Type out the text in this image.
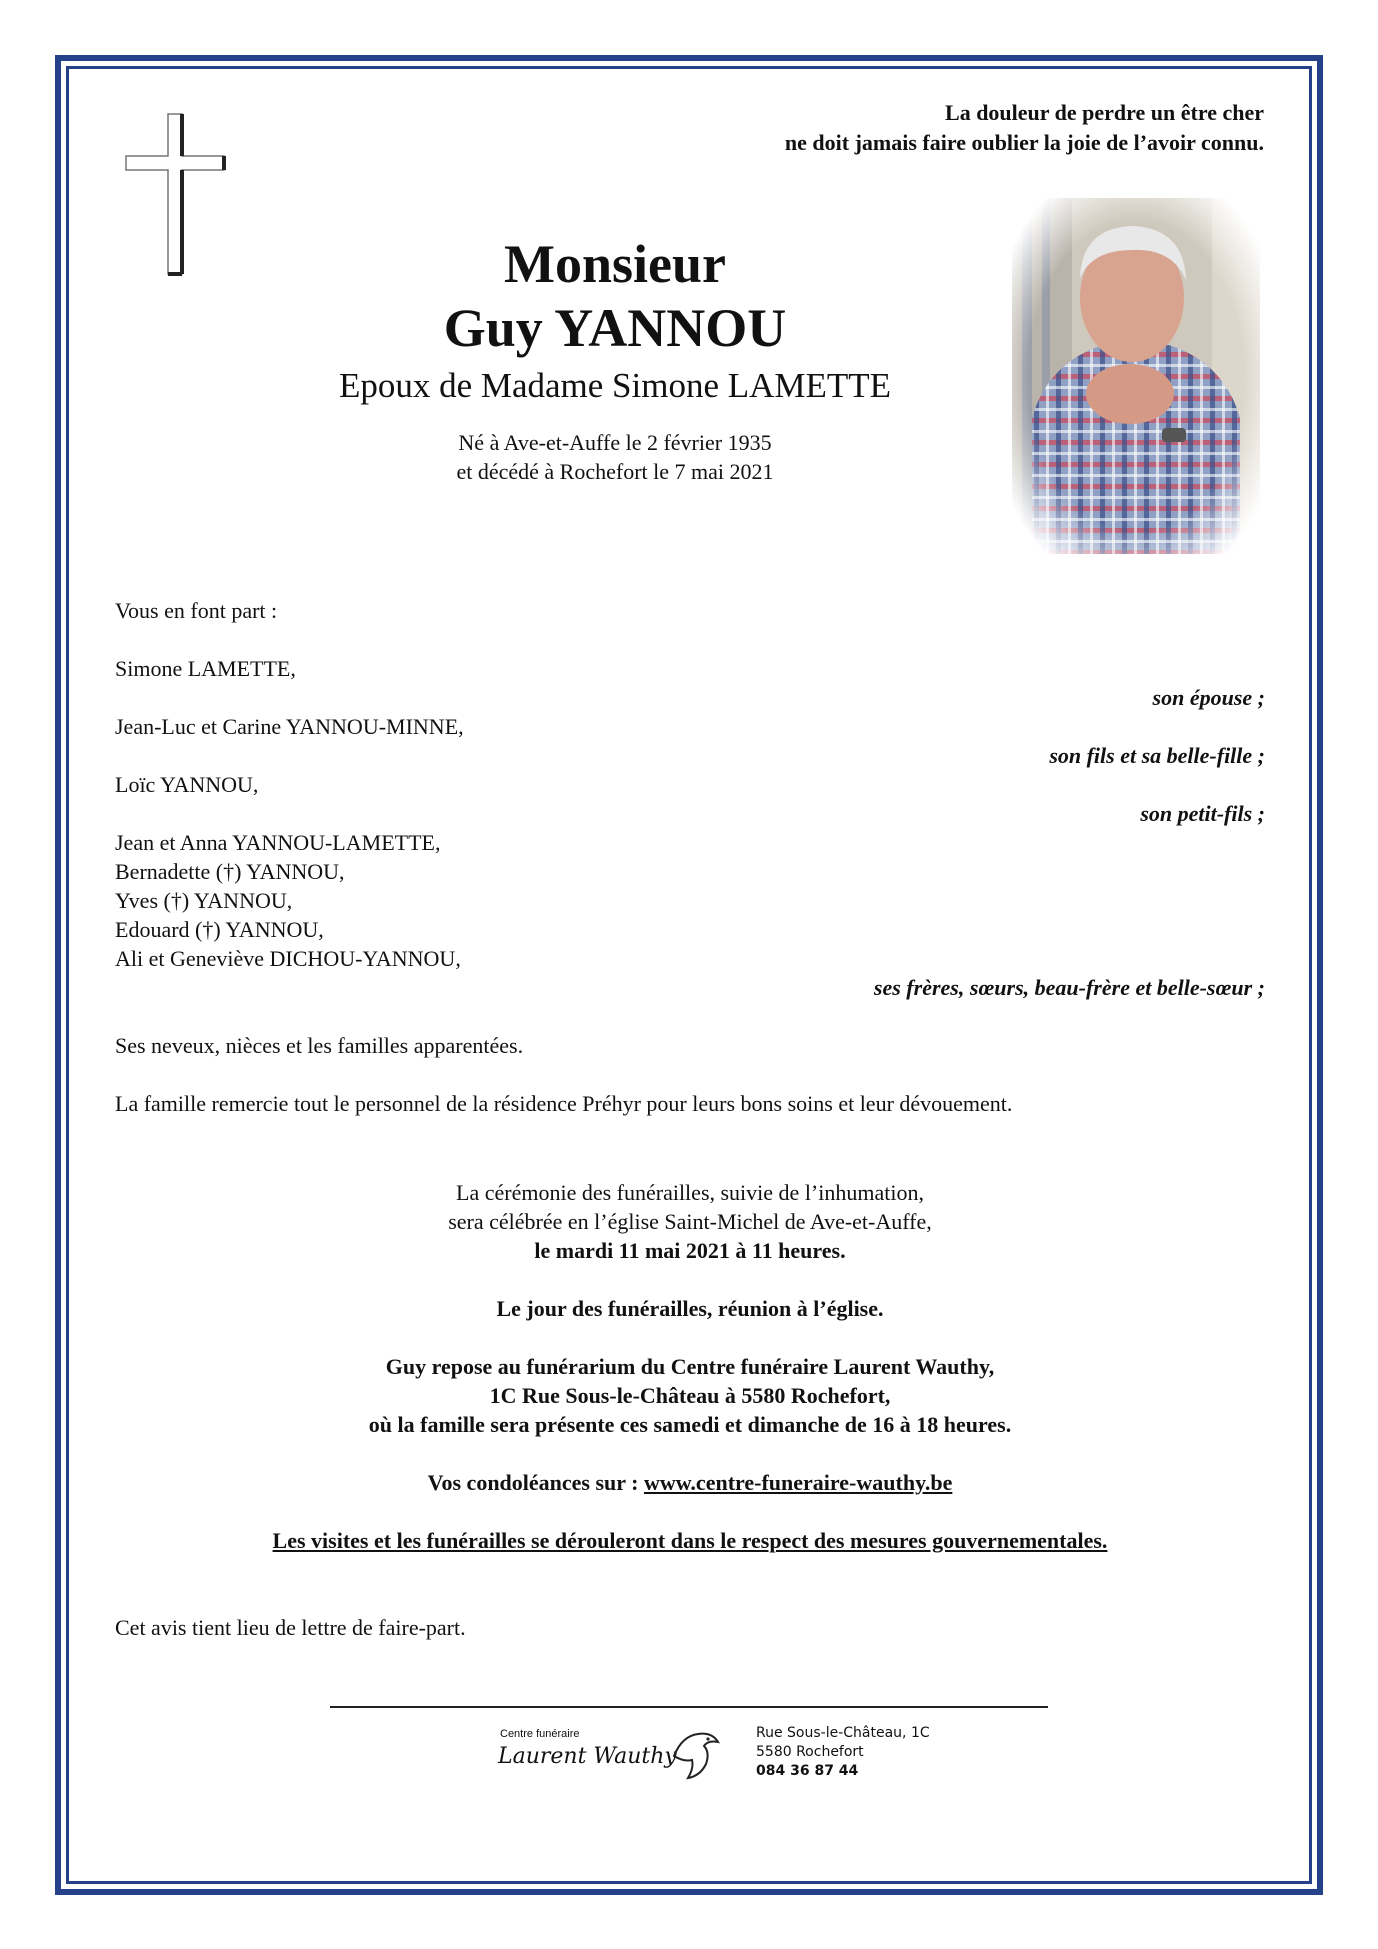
La douleur de perdre un être cher
ne doit jamais faire oublier la joie de l’avoir connu.
Monsieur
Guy YANNOU
Epoux de Madame Simone LAMETTE
Né à Ave-et-Auffe le 2 février 1935
et décédé à Rochefort le 7 mai 2021
Vous en font part :
Simone LAMETTE,
son épouse ;
Jean-Luc et Carine YANNOU-MINNE,
son fils et sa belle-fille ;
Loïc YANNOU,
son petit-fils ;
Jean et Anna YANNOU-LAMETTE,
Bernadette (†) YANNOU,
Yves (†) YANNOU,
Edouard (†) YANNOU,
Ali et Geneviève DICHOU-YANNOU,
ses frères, sœurs, beau-frère et belle-sœur ;
Ses neveux, nièces et les familles apparentées.
La famille remercie tout le personnel de la résidence Préhyr pour leurs bons soins et leur dévouement.
La cérémonie des funérailles, suivie de l’inhumation,
sera célébrée en l’église Saint-Michel de Ave-et-Auffe,
le mardi 11 mai 2021 à 11 heures.
Le jour des funérailles, réunion à l’église.
Guy repose au funérarium du Centre funéraire Laurent Wauthy,
1C Rue Sous-le-Château à 5580 Rochefort,
où la famille sera présente ces samedi et dimanche de 16 à 18 heures.
Vos condoléances sur : www.centre-funeraire-wauthy.be
Les visites et les funérailles se dérouleront dans le respect des mesures gouvernementales.
Cet avis tient lieu de lettre de faire-part.
Centre funéraire
Laurent Wauthy
Rue Sous-le-Château, 1C
5580 Rochefort
084 36 87 44
